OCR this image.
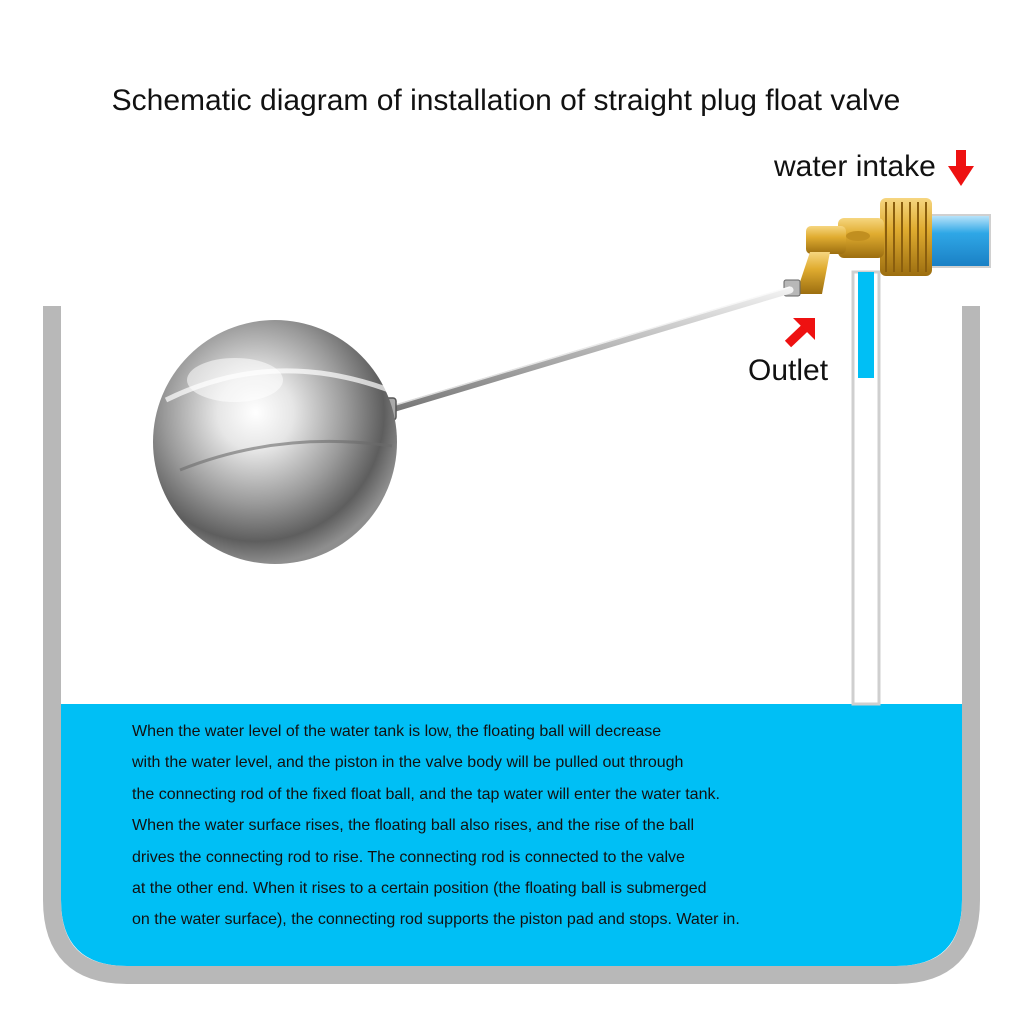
Schematic diagram of installation of straight plug float valve
water intake
Outlet
When the water level of the water tank is low, the floating ball will decrease
with the water level, and the piston in the valve body will be pulled out through
the connecting rod of the fixed float ball, and the tap water will enter the water tank.
When the water surface rises, the floating ball also rises, and the rise of the ball
drives the connecting rod to rise. The connecting rod is connected to the valve
at the other end. When it rises to a certain position (the floating ball is submerged
on the water surface), the connecting rod supports the piston pad and stops. Water in.
